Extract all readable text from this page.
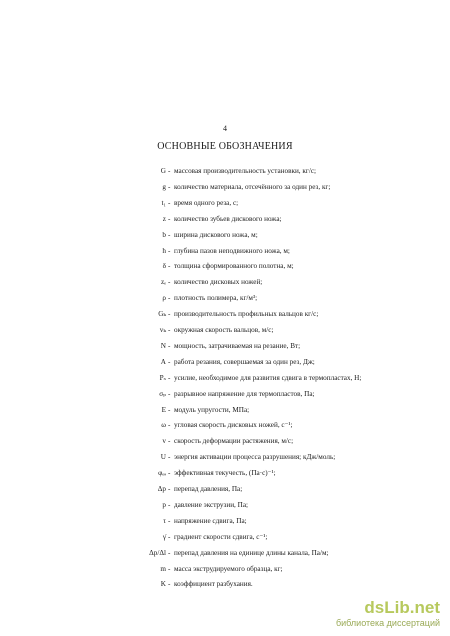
4
ОСНОВНЫЕ ОБОЗНАЧЕНИЯ
G - массовая производительность установки, кг/с;
g - количество материала, отсечённого за один рез, кг;
t₁ - время одного реза, с;
z - количество зубьев дискового ножа;
b - ширина дискового ножа, м;
h - глубина пазов неподвижного ножа, м;
δ - толщина сформированного полотна, м;
zₑ - количество дисковых ножей;
ρ - плотность полимера, кг/м³;
Gₖ - производительность профильных вальцов кг/с;
vₖ - окружная скорость вальцов, м/с;
N - мощность, затрачиваемая на резание, Вт;
A - работа резания, совершаемая за один рез, Дж;
Pₛ - усилие, необходимое для развития сдвига в термопластах, Н;
σₚ - разрывное напряжение для термопластов, Па;
E - модуль упругости, МПа;
ω - угловая скорость дисковых ножей, с⁻¹;
v - скорость деформации растяжения, м/с;
U - энергия активации процесса разрушения; кДж/моль;
φₑₔ - эффективная текучесть, (Па·с)⁻¹;
Δp - перепад давления, Па;
p - давление экструзии, Па;
τ - напряжение сдвига, Па;
γ̇ - градиент скорости сдвига, с⁻¹;
Δp/Δl - перепад давления на единице длины канала, Па/м;
m - масса экструдируемого образца, кг;
K - коэффициент разбухания.
dsLib.net
библиотека диссертаций
